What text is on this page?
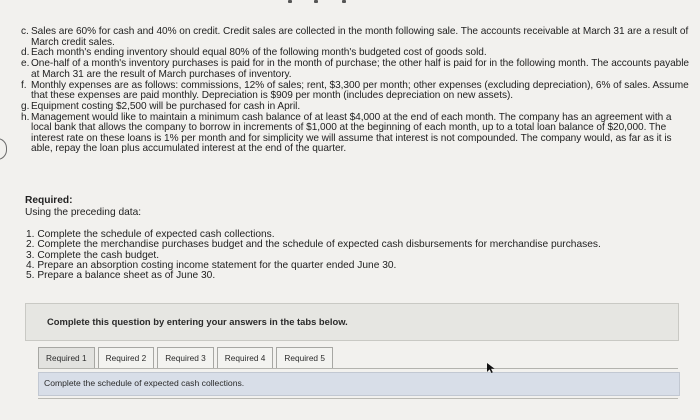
c. Sales are 60% for cash and 40% on credit. Credit sales are collected in the month following sale. The accounts receivable at March 31 are a result of March credit sales.
d. Each month's ending inventory should equal 80% of the following month's budgeted cost of goods sold.
e. One-half of a month's inventory purchases is paid for in the month of purchase; the other half is paid for in the following month. The accounts payable at March 31 are the result of March purchases of inventory.
f. Monthly expenses are as follows: commissions, 12% of sales; rent, $3,300 per month; other expenses (excluding depreciation), 6% of sales. Assume that these expenses are paid monthly. Depreciation is $909 per month (includes depreciation on new assets).
g. Equipment costing $2,500 will be purchased for cash in April.
h. Management would like to maintain a minimum cash balance of at least $4,000 at the end of each month. The company has an agreement with a local bank that allows the company to borrow in increments of $1,000 at the beginning of each month, up to a total loan balance of $20,000. The interest rate on these loans is 1% per month and for simplicity we will assume that interest is not compounded. The company would, as far as it is able, repay the loan plus accumulated interest at the end of the quarter.
Required:
Using the preceding data:
1. Complete the schedule of expected cash collections.
2. Complete the merchandise purchases budget and the schedule of expected cash disbursements for merchandise purchases.
3. Complete the cash budget.
4. Prepare an absorption costing income statement for the quarter ended June 30.
5. Prepare a balance sheet as of June 30.
Complete this question by entering your answers in the tabs below.
Required 1	Required 2	Required 3	Required 4	Required 5
Complete the schedule of expected cash collections.
